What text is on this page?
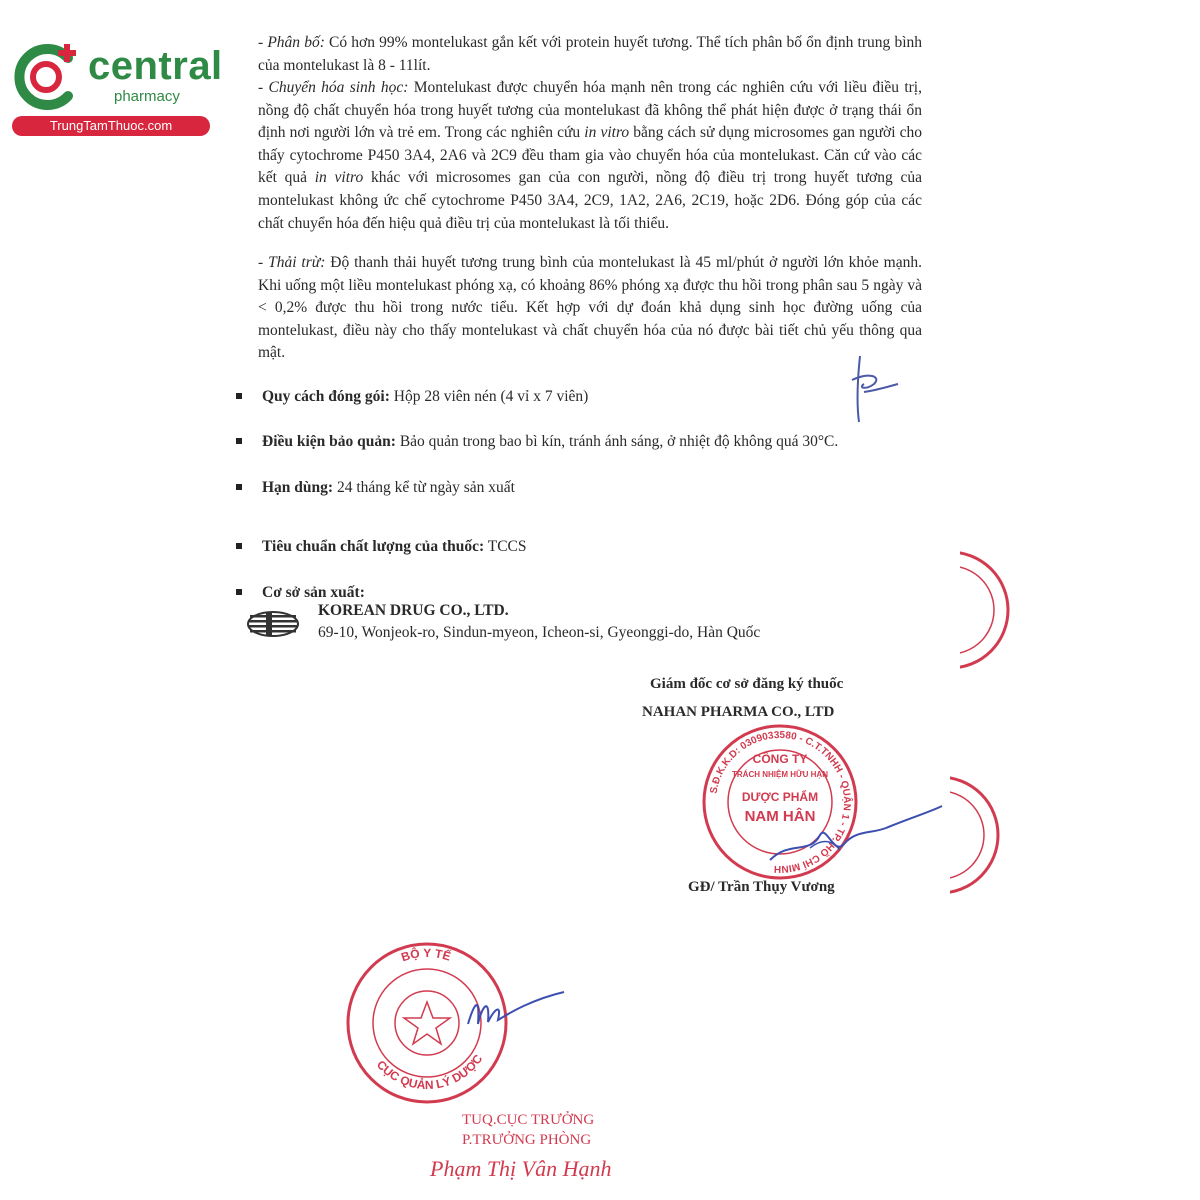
central
pharmacy
TrungTamThuoc.com
- Phân bố: Có hơn 99% montelukast gắn kết với protein huyết tương. Thể tích phân bố ổn định trung bình của montelukast là 8 - 11lít.
- Chuyển hóa sinh học: Montelukast được chuyển hóa mạnh nên trong các nghiên cứu với liều điều trị, nồng độ chất chuyển hóa trong huyết tương của montelukast đã không thể phát hiện được ở trạng thái ổn định nơi người lớn và trẻ em. Trong các nghiên cứu in vitro bằng cách sử dụng microsomes gan người cho thấy cytochrome P450 3A4, 2A6 và 2C9 đều tham gia vào chuyển hóa của montelukast. Căn cứ vào các kết quả in vitro khác với microsomes gan của con người, nồng độ điều trị trong huyết tương của montelukast không ức chế cytochrome P450 3A4, 2C9, 1A2, 2A6, 2C19, hoặc 2D6. Đóng góp của các chất chuyển hóa đến hiệu quả điều trị của montelukast là tối thiểu.
- Thải trừ: Độ thanh thải huyết tương trung bình của montelukast là 45 ml/phút ở người lớn khỏe mạnh. Khi uống một liều montelukast phóng xạ, có khoảng 86% phóng xạ được thu hồi trong phân sau 5 ngày và < 0,2% được thu hồi trong nước tiểu. Kết hợp với dự đoán khả dụng sinh học đường uống của montelukast, điều này cho thấy montelukast và chất chuyển hóa của nó được bài tiết chủ yếu thông qua mật.
Quy cách đóng gói: Hộp 28 viên nén (4 vỉ x 7 viên)
Điều kiện bảo quản: Bảo quản trong bao bì kín, tránh ánh sáng, ở nhiệt độ không quá 30°C.
Hạn dùng: 24 tháng kể từ ngày sản xuất
Tiêu chuẩn chất lượng của thuốc: TCCS
Cơ sở sản xuất:
KOREAN DRUG CO., LTD.
69-10, Wonjeok-ro, Sindun-myeon, Icheon-si, Gyeonggi-do, Hàn Quốc
Giám đốc cơ sở đăng ký thuốc
NAHAN PHARMA CO., LTD
S.Đ.K.K.D: 0309033580 - C.T.TNHH - QUẬN 1 - TP. HỒ CHÍ MINH
CÔNG TY
TRÁCH NHIỆM HỮU HẠN
DƯỢC PHẨM
NAM HÂN
GĐ/ Trần Thụy Vương
BỘ Y TẾ
CỤC QUẢN LÝ DƯỢC
TUQ.CỤC TRƯỞNG
P.TRƯỞNG PHÒNG
Phạm Thị Vân Hạnh
